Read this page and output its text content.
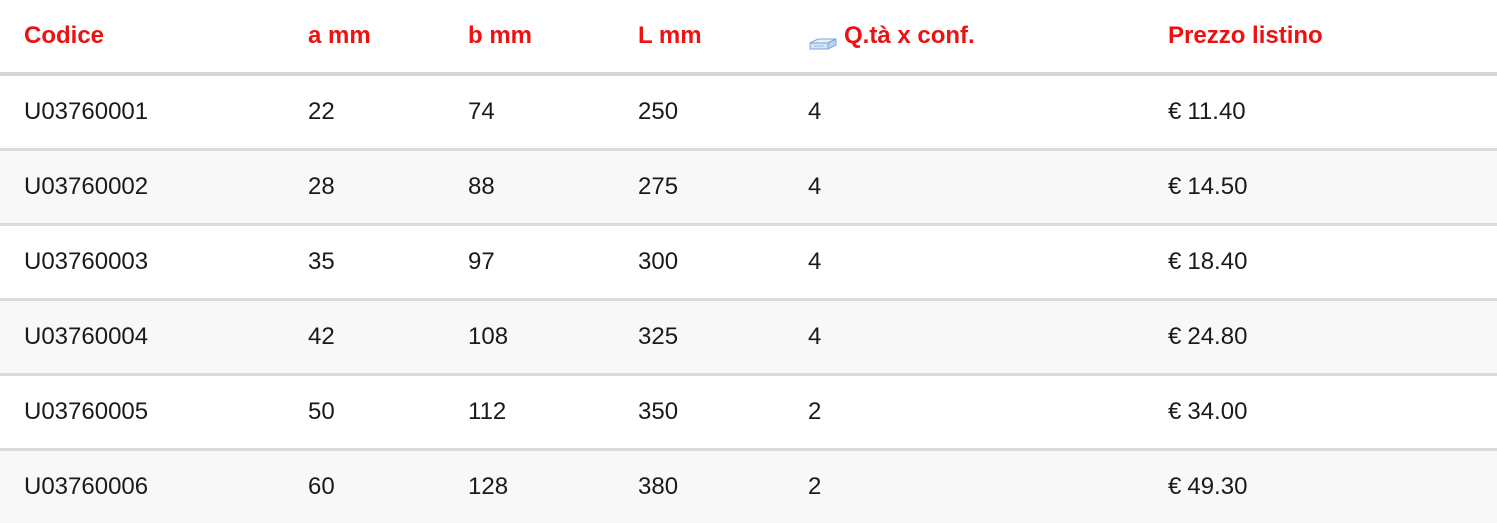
Codice	a mm	b mm	L mm	Q.tà x conf.	Prezzo listino
U03760001	22	74	250	4	€ 11.40
U03760002	28	88	275	4	€ 14.50
U03760003	35	97	300	4	€ 18.40
U03760004	42	108	325	4	€ 24.80
U03760005	50	112	350	2	€ 34.00
U03760006	60	128	380	2	€ 49.30
